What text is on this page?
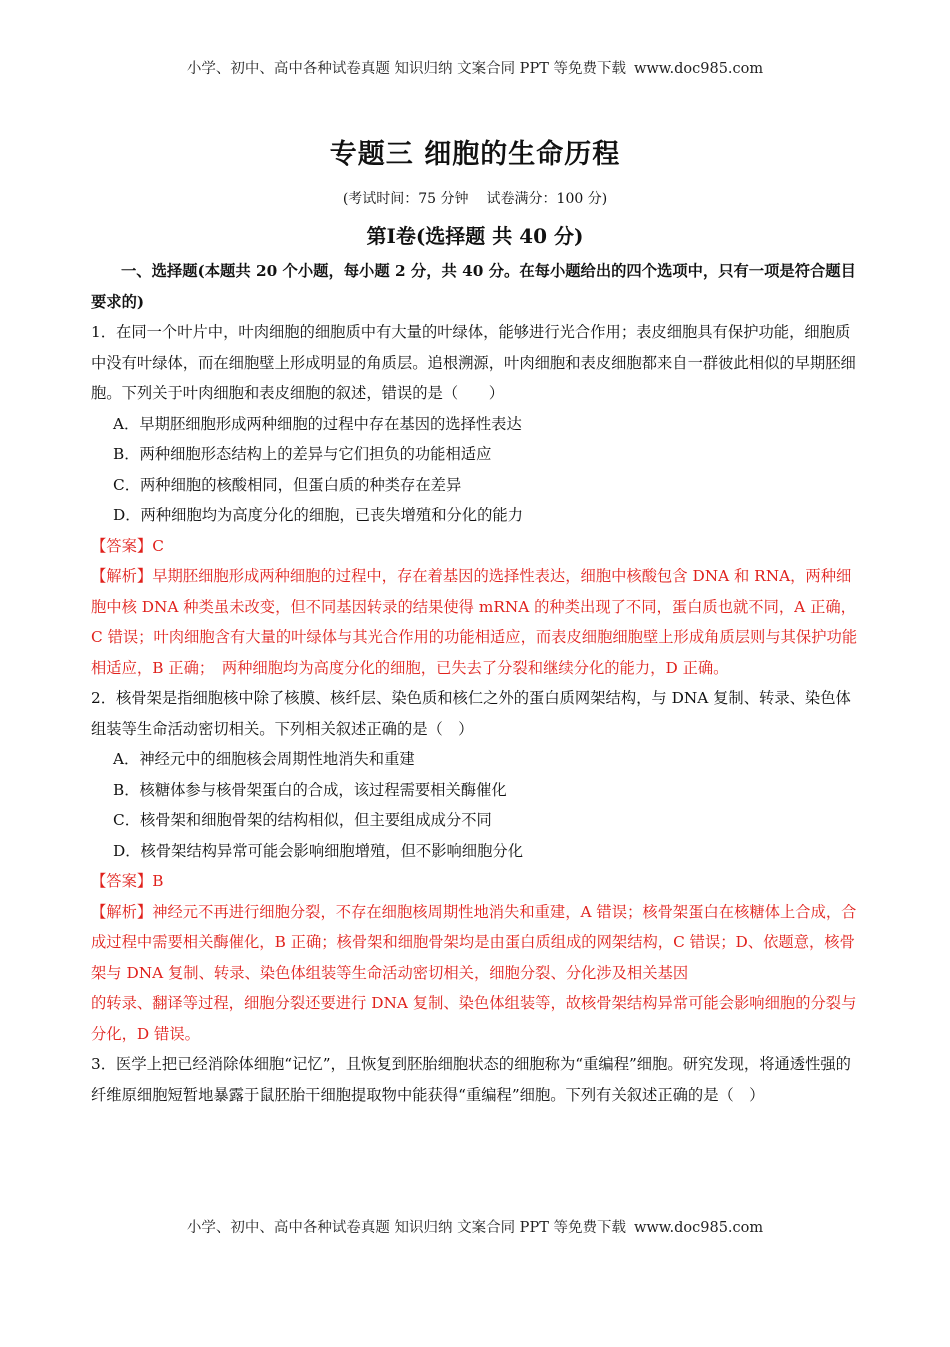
小学、初中、高中各种试卷真题 知识归纳 文案合同 PPT 等免费下载 www.doc985.com
专题三 细胞的生命历程
(考试时间：75 分钟 试卷满分：100 分)
第Ⅰ卷(选择题 共 40 分)

一、选择题(本题共 20 个小题，每小题 2 分，共 40 分。在每小题给出的四个选项中，只有一项是符合题目要求的)

1．在同一个叶片中，叶肉细胞的细胞质中有大量的叶绿体，能够进行光合作用；表皮细胞具有保护功能，细胞质中没有叶绿体，而在细胞壁上形成明显的角质层。追根溯源，叶肉细胞和表皮细胞都来自一群彼此相似的早期胚细胞。下列关于叶肉细胞和表皮细胞的叙述，错误的是（　　）

A．早期胚细胞形成两种细胞的过程中存在基因的选择性表达

B．两种细胞形态结构上的差异与它们担负的功能相适应

C．两种细胞的核酸相同，但蛋白质的种类存在差异

D．两种细胞均为高度分化的细胞，已丧失增殖和分化的能力

【答案】C

【解析】早期胚细胞形成两种细胞的过程中，存在着基因的选择性表达，细胞中核酸包含 DNA 和 RNA，两种细胞中核 DNA 种类虽未改变，但不同基因转录的结果使得 mRNA 的种类出现了不同，蛋白质也就不同，A 正确，C 错误；叶肉细胞含有大量的叶绿体与其光合作用的功能相适应，而表皮细胞细胞壁上形成角质层则与其保护功能相适应，B 正确；　两种细胞均为高度分化的细胞，已失去了分裂和继续分化的能力，D 正确。

2．核骨架是指细胞核中除了核膜、核纤层、染色质和核仁之外的蛋白质网架结构，与 DNA 复制、转录、染色体组装等生命活动密切相关。下列相关叙述正确的是（　）

A．神经元中的细胞核会周期性地消失和重建

B．核糖体参与核骨架蛋白的合成，该过程需要相关酶催化

C．核骨架和细胞骨架的结构相似，但主要组成成分不同

D．核骨架结构异常可能会影响细胞增殖，但不影响细胞分化

【答案】B

【解析】神经元不再进行细胞分裂，不存在细胞核周期性地消失和重建，A 错误；核骨架蛋白在核糖体上合成，合成过程中需要相关酶催化，B 正确；核骨架和细胞骨架均是由蛋白质组成的网架结构，C 错误；D、依题意，核骨架与 DNA 复制、转录、染色体组装等生命活动密切相关，细胞分裂、分化涉及相关基因

的转录、翻译等过程，细胞分裂还要进行 DNA 复制、染色体组装等，故核骨架结构异常可能会影响细胞的分裂与分化，D 错误。

3．医学上把已经消除体细胞“记忆”，且恢复到胚胎细胞状态的细胞称为“重编程”细胞。研究发现，将通透性强的纤维原细胞短暂地暴露于鼠胚胎干细胞提取物中能获得“重编程”细胞。下列有关叙述正确的是（　）

小学、初中、高中各种试卷真题 知识归纳 文案合同 PPT 等免费下载 www.doc985.com
